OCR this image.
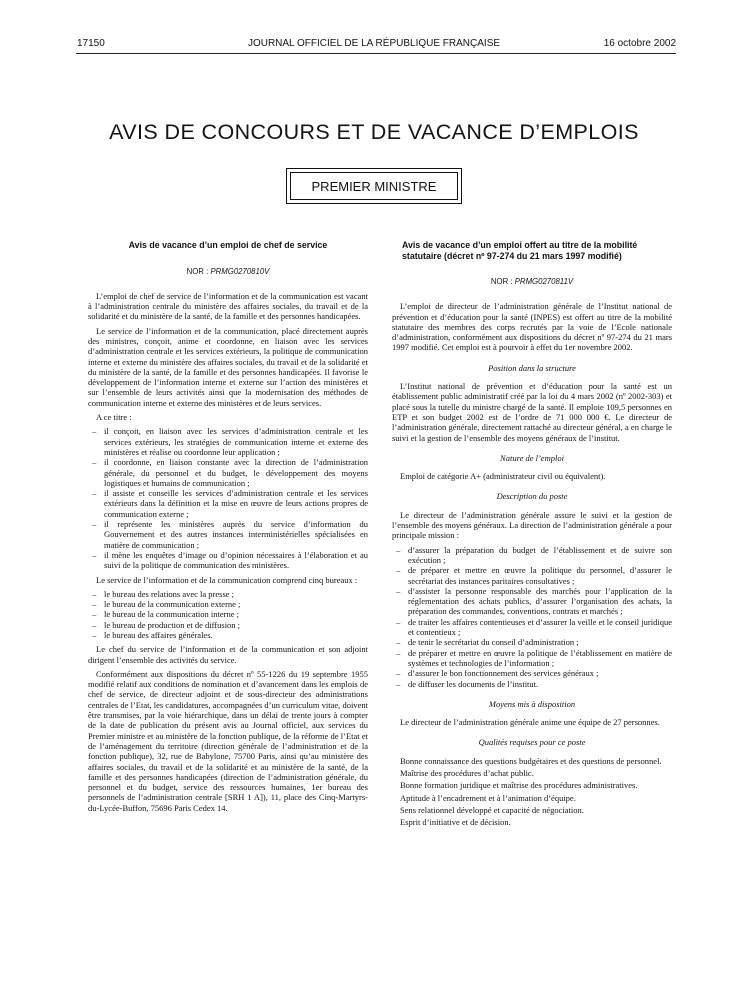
17150	JOURNAL OFFICIEL DE LA RÉPUBLIQUE FRANÇAISE	16 octobre 2002
AVIS DE CONCOURS ET DE VACANCE D’EMPLOIS
PREMIER MINISTRE
Avis de vacance d’un emploi de chef de service
NOR : PRMG0270810V

L’emploi de chef de service de l’information et de la communication est vacant à l’administration centrale du ministère des affaires sociales, du travail et de la solidarité et du ministère de la santé, de la famille et des personnes handicapées.

Le service de l’information et de la communication, placé directement auprès des ministres, conçoit, anime et coordonne, en liaison avec les services d’administration centrale et les services extérieurs, la politique de communication interne et externe du ministère des affaires sociales, du travail et de la solidarité et du ministère de la santé, de la famille et des personnes handicapées. Il favorise le développement de l’information interne et externe sur l’action des ministères et sur l’ensemble de leurs activités ainsi que la modernisation des méthodes de communication interne et externe des ministères et de leurs services.

A ce titre :

– il conçoit, en liaison avec les services d’administration centrale et les services extérieurs, les stratégies de communication interne et externe des ministères et réalise ou coordonne leur application ;
– il coordonne, en liaison constante avec la direction de l’administration générale, du personnel et du budget, le développement des moyens logistiques et humains de communication ;
– il assiste et conseille les services d’administration centrale et les services extérieurs dans la définition et la mise en œuvre de leurs actions propres de communication externe ;
– il représente les ministères auprès du service d’information du Gouvernement et des autres instances interministérielles spécialisées en matière de communication ;
– il mène les enquêtes d’image ou d’opinion nécessaires à l’élaboration et au suivi de la politique de communication des ministères.

Le service de l’information et de la communication comprend cinq bureaux :

– le bureau des relations avec la presse ;
– le bureau de la communication externe ;
– le bureau de la communication interne ;
– le bureau de production et de diffusion ;
– le bureau des affaires générales.

Le chef du service de l’information et de la communication et son adjoint dirigent l’ensemble des activités du service.

Conformément aux dispositions du décret nº 55-1226 du 19 septembre 1955 modifié relatif aux conditions de nomination et d’avancement dans les emplois de chef de service, de directeur adjoint et de sous-directeur des administrations centrales de l’Etat, les candidatures, accompagnées d’un curriculum vitae, doivent être transmises, par la voie hiérarchique, dans un délai de trente jours à compter de la date de publication du présent avis au Journal officiel, aux services du Premier ministre et au ministère de la fonction publique, de la réforme de l’Etat et de l’aménagement du territoire (direction générale de l’administration et de la fonction publique), 32, rue de Babylone, 75700 Paris, ainsi qu’au ministère des affaires sociales, du travail et de la solidarité et au ministère de la santé, de la famille et des personnes handicapées (direction de l’administration générale, du personnel et du budget, service des ressources humaines, 1er bureau des personnels de l’administration centrale [SRH 1 A]), 11, place des Cinq-Martyrs-du-Lycée-Buffon, 75696 Paris Cedex 14.

Avis de vacance d’un emploi offert au titre de la mobilité statutaire (décret nº 97-274 du 21 mars 1997 modifié)
NOR : PRMG0270811V

L’emploi de directeur de l’administration générale de l’Institut national de prévention et d’éducation pour la santé (INPES) est offert au titre de la mobilité statutaire des membres des corps recrutés par la voie de l’Ecole nationale d’administration, conformément aux dispositions du décret nº 97-274 du 21 mars 1997 modifié. Cet emploi est à pourvoir à effet du 1er novembre 2002.

Position dans la structure

L’Institut national de prévention et d’éducation pour la santé est un établissement public administratif créé par la loi du 4 mars 2002 (nº 2002-303) et placé sous la tutelle du ministre chargé de la santé. Il emploie 109,5 personnes en ETP et son budget 2002 est de l’ordre de 71 000 000 €. Le directeur de l’administration générale, directement rattaché au directeur général, a en charge le suivi et la gestion de l’ensemble des moyens généraux de l’institut.

Nature de l’emploi

Emploi de catégorie A+ (administrateur civil ou équivalent).

Description du poste

Le directeur de l’administration générale assure le suivi et la gestion de l’ensemble des moyens généraux. La direction de l’administration générale a pour principale mission :

– d’assurer la préparation du budget de l’établissement et de suivre son exécution ;
– de préparer et mettre en œuvre la politique du personnel, d’assurer le secrétariat des instances paritaires consultatives ;
– d’assister la personne responsable des marchés pour l’application de la réglementation des achats publics, d’assurer l’organisation des achats, la préparation des commandes, conventions, contrats et marchés ;
– de traiter les affaires contentieuses et d’assurer la veille et le conseil juridique et contentieux ;
– de tenir le secrétariat du conseil d’administration ;
– de préparer et mettre en œuvre la politique de l’établissement en matière de systèmes et technologies de l’information ;
– d’assurer le bon fonctionnement des services généraux ;
– de diffuser les documents de l’institut.
Moyens mis à disposition

Le directeur de l’administration générale anime une équipe de 27 personnes.

Qualités requises pour ce poste

Bonne connaissance des questions budgétaires et des questions de personnel.

Maîtrise des procédures d’achat public.

Bonne formation juridique et maîtrise des procédures administratives.

Aptitude à l’encadrement et à l’animation d’équipe.

Sens relationnel développé et capacité de négociation.

Esprit d’initiative et de décision.
